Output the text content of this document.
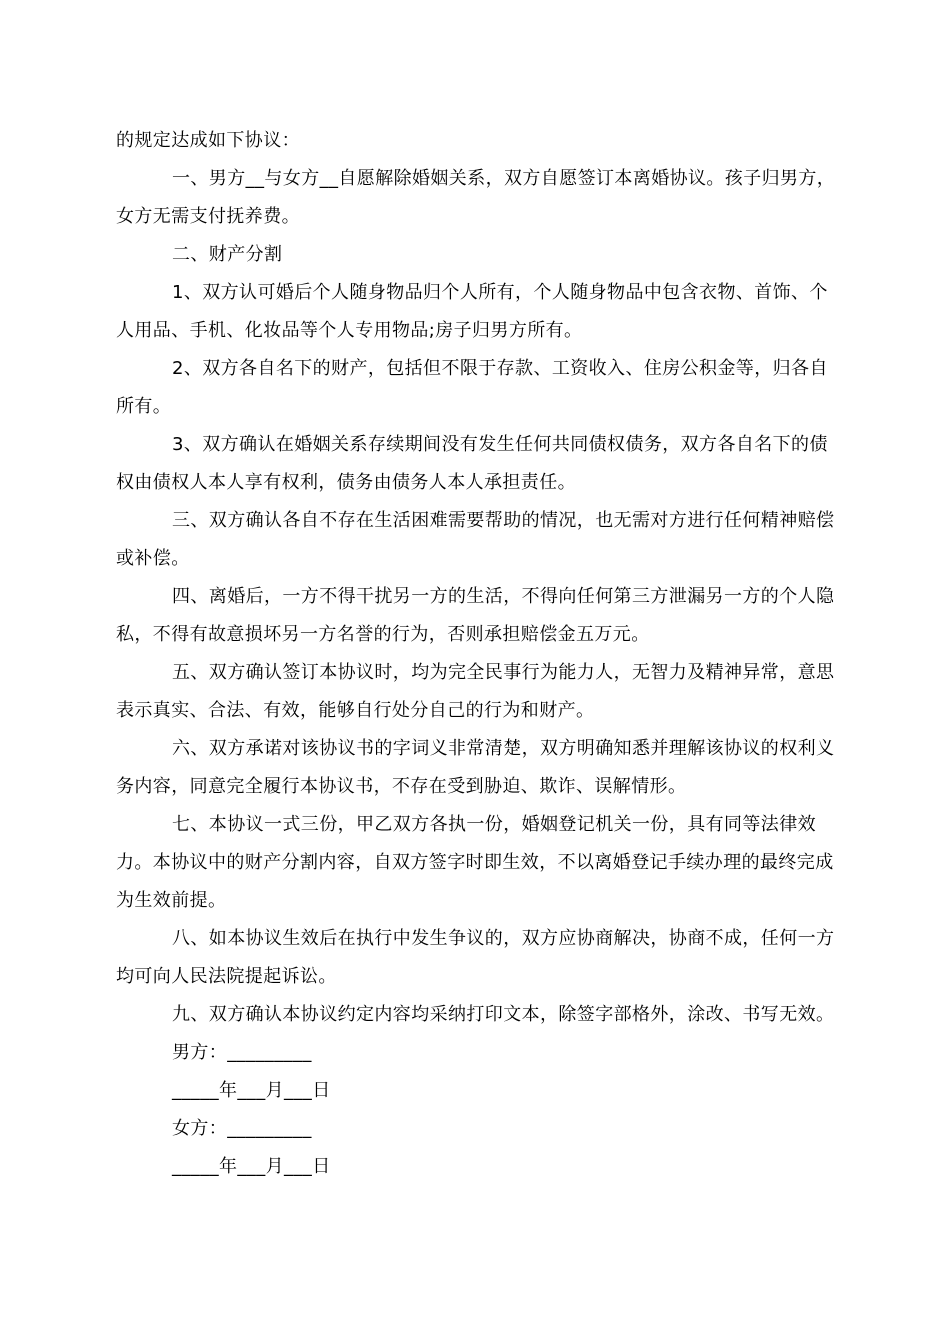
的规定达成如下协议：

一、男方__与女方__自愿解除婚姻关系，双方自愿签订本离婚协议。孩子归男方，女方无需支付抚养费。

二、财产分割

1、双方认可婚后个人随身物品归个人所有，个人随身物品中包含衣物、首饰、个人用品、手机、化妆品等个人专用物品;房子归男方所有。

2、双方各自名下的财产，包括但不限于存款、工资收入、住房公积金等，归各自所有。

3、双方确认在婚姻关系存续期间没有发生任何共同债权债务，双方各自名下的债权由债权人本人享有权利，债务由债务人本人承担责任。

三、双方确认各自不存在生活困难需要帮助的情况，也无需对方进行任何精神赔偿或补偿。

四、离婚后，一方不得干扰另一方的生活，不得向任何第三方泄漏另一方的个人隐私，不得有故意损坏另一方名誉的行为，否则承担赔偿金五万元。

五、双方确认签订本协议时，均为完全民事行为能力人，无智力及精神异常，意思表示真实、合法、有效，能够自行处分自己的行为和财产。

六、双方承诺对该协议书的字词义非常清楚，双方明确知悉并理解该协议的权利义务内容，同意完全履行本协议书，不存在受到胁迫、欺诈、误解情形。

七、本协议一式三份，甲乙双方各执一份，婚姻登记机关一份，具有同等法律效力。本协议中的财产分割内容，自双方签字时即生效，不以离婚登记手续办理的最终完成为生效前提。

八、如本协议生效后在执行中发生争议的，双方应协商解决，协商不成，任何一方均可向人民法院提起诉讼。

九、双方确认本协议约定内容均采纳打印文本，除签字部格外，涂改、书写无效。

男方：_________

_____年___月___日

女方：_________

_____年___月___日
